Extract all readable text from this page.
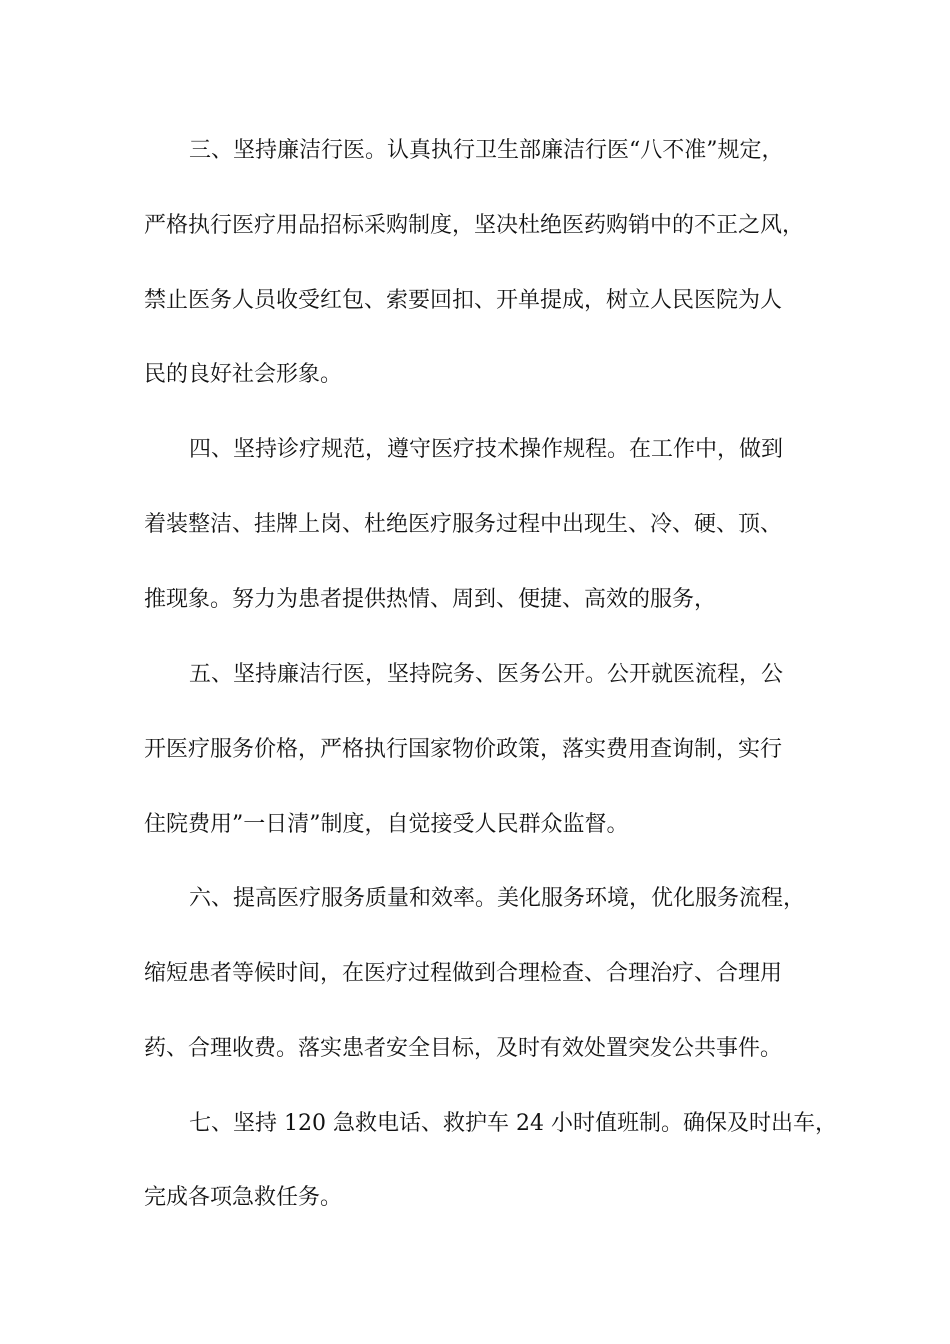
三、坚持廉洁行医。认真执行卫生部廉洁行医“八不准”规定，
严格执行医疗用品招标采购制度，坚决杜绝医药购销中的不正之风，
禁止医务人员收受红包、索要回扣、开单提成，树立人民医院为人
民的良好社会形象。
四、坚持诊疗规范，遵守医疗技术操作规程。在工作中，做到
着装整洁、挂牌上岗、杜绝医疗服务过程中出现生、冷、硬、顶、
推现象。努力为患者提供热情、周到、便捷、高效的服务，
五、坚持廉洁行医，坚持院务、医务公开。公开就医流程，公
开医疗服务价格，严格执行国家物价政策，落实费用查询制，实行
住院费用”一日清”制度，自觉接受人民群众监督。
六、提高医疗服务质量和效率。美化服务环境，优化服务流程，
缩短患者等候时间，在医疗过程做到合理检查、合理治疗、合理用
药、合理收费。落实患者安全目标，及时有效处置突发公共事件。
七、坚持 120 急救电话、救护车 24 小时值班制。确保及时出车，
完成各项急救任务。
